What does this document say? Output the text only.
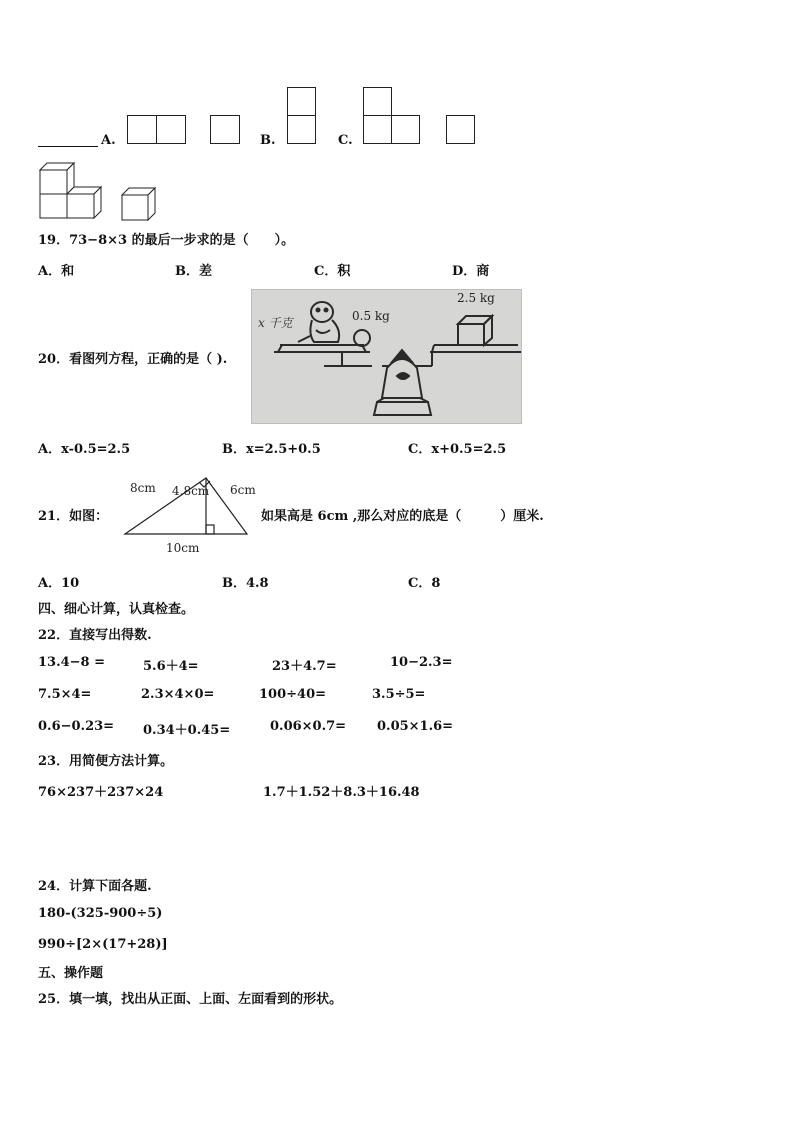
A.	B.	C.
19．73−8×3 的最后一步求的是（　　）。
A．和	B．差	C．积	D．商
20．看图列方程，正确的是（ ).
x 千克	0.5 kg
2.5 kg
A．x-0.5=2.5	B．x=2.5+0.5	C．x+0.5=2.5
21．如图：
8cm 4.8cm 6cm
10cm
如果高是 6cm ,那么对应的底是（　　　）厘米.
A．10	B．4.8	C．8
四、细心计算，认真检查。
22．直接写出得数.
13.4−8 =	5.6＋4=	23＋4.7=	10−2.3=
7.5×4=	2.3×4×0=	100÷40=	3.5÷5=
0.6−0.23= 0.34＋0.45=	0.06×0.7= 0.05×1.6=
23．用简便方法计算。
76×237＋237×24	1.7＋1.52＋8.3＋16.48
24．计算下面各题.
180-(325-900÷5)
990÷[2×(17+28)]
五、操作题
25．填一填，找出从正面、上面、左面看到的形状。
